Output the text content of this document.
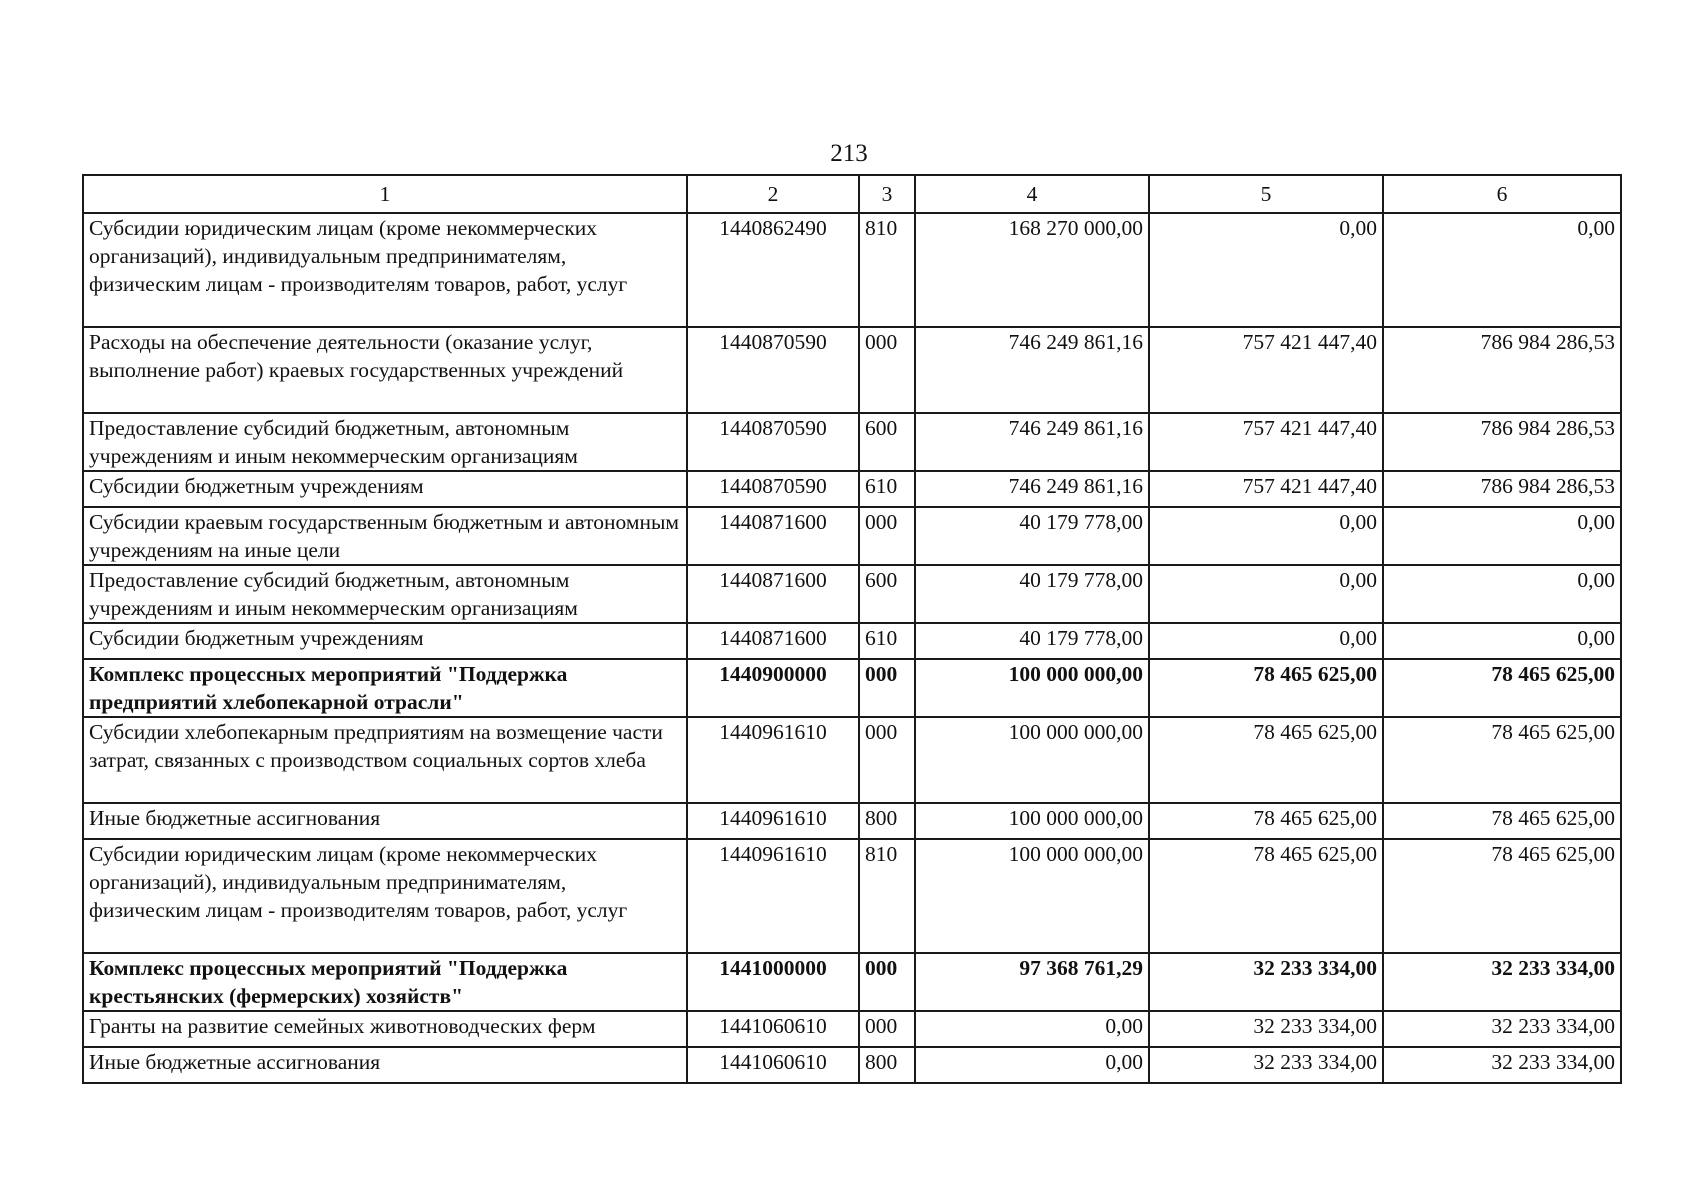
213
1	2	3	4	5	6
Субсидии юридическим лицам (кроме некоммерческих организаций), индивидуальным предпринимателям, физическим лицам - производителям товаров, работ, услуг	1440862490	810	168 270 000,00	0,00	0,00
Расходы на обеспечение деятельности (оказание услуг, выполнение работ) краевых государственных учреждений	1440870590	000	746 249 861,16	757 421 447,40	786 984 286,53
Предоставление субсидий бюджетным, автономным учреждениям и иным некоммерческим организациям	1440870590	600	746 249 861,16	757 421 447,40	786 984 286,53
Субсидии бюджетным учреждениям	1440870590	610	746 249 861,16	757 421 447,40	786 984 286,53
Субсидии краевым государственным бюджетным и автономным учреждениям на иные цели	1440871600	000	40 179 778,00	0,00	0,00
Предоставление субсидий бюджетным, автономным учреждениям и иным некоммерческим организациям	1440871600	600	40 179 778,00	0,00	0,00
Субсидии бюджетным учреждениям	1440871600	610	40 179 778,00	0,00	0,00
Комплекс процессных мероприятий "Поддержка предприятий хлебопекарной отрасли"	1440900000	000	100 000 000,00	78 465 625,00	78 465 625,00
Субсидии хлебопекарным предприятиям на возмещение части затрат, связанных с производством социальных сортов хлеба	1440961610	000	100 000 000,00	78 465 625,00	78 465 625,00
Иные бюджетные ассигнования	1440961610	800	100 000 000,00	78 465 625,00	78 465 625,00
Субсидии юридическим лицам (кроме некоммерческих организаций), индивидуальным предпринимателям, физическим лицам - производителям товаров, работ, услуг	1440961610	810	100 000 000,00	78 465 625,00	78 465 625,00
Комплекс процессных мероприятий "Поддержка крестьянских (фермерских) хозяйств"	1441000000	000	97 368 761,29	32 233 334,00	32 233 334,00
Гранты на развитие семейных животноводческих ферм	1441060610	000	0,00	32 233 334,00	32 233 334,00
Иные бюджетные ассигнования	1441060610	800	0,00	32 233 334,00	32 233 334,00
